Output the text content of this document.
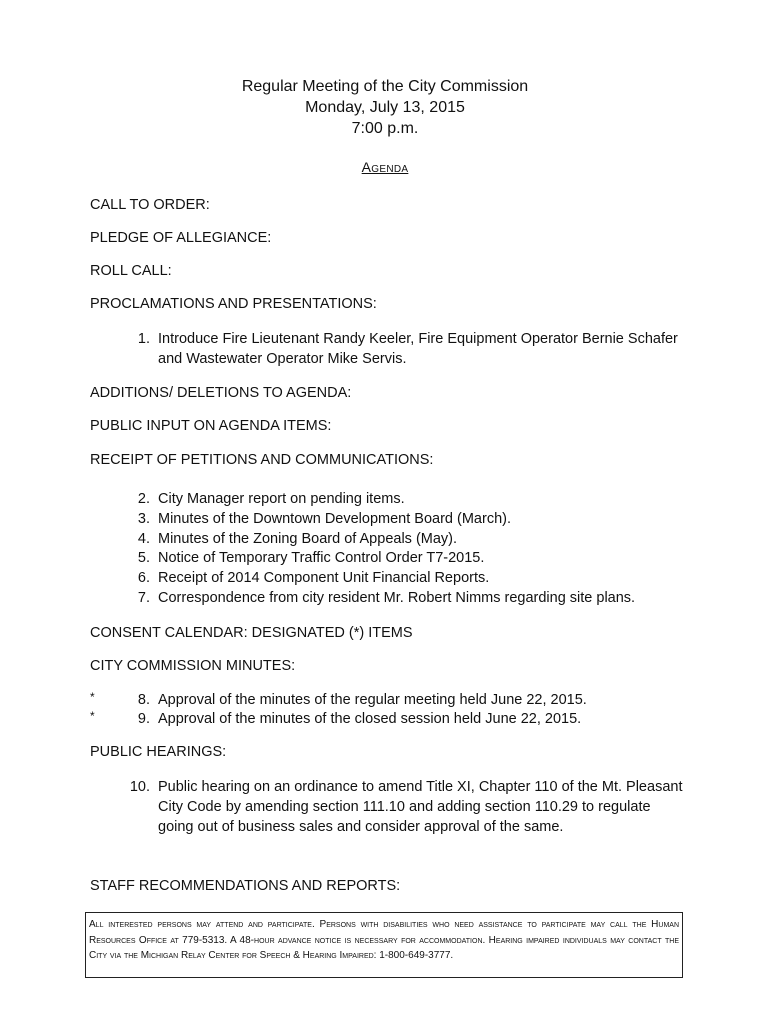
Regular Meeting of the City Commission
Monday, July 13, 2015
7:00 p.m.
Agenda
CALL TO ORDER:
PLEDGE OF ALLEGIANCE:
ROLL CALL:
PROCLAMATIONS AND PRESENTATIONS:
1. Introduce Fire Lieutenant Randy Keeler, Fire Equipment Operator Bernie Schafer and Wastewater Operator Mike Servis.
ADDITIONS/ DELETIONS TO AGENDA:
PUBLIC INPUT ON AGENDA ITEMS:
RECEIPT OF PETITIONS AND COMMUNICATIONS:
2. City Manager report on pending items.
3. Minutes of the Downtown Development Board (March).
4. Minutes of the Zoning Board of Appeals (May).
5. Notice of Temporary Traffic Control Order T7-2015.
6. Receipt of 2014 Component Unit Financial Reports.
7. Correspondence from city resident Mr. Robert Nimms regarding site plans.
CONSENT CALENDAR: DESIGNATED (*) ITEMS
CITY COMMISSION MINUTES:
*	8. Approval of the minutes of the regular meeting held June 22, 2015.
*	9. Approval of the minutes of the closed session held June 22, 2015.
PUBLIC HEARINGS:
10. Public hearing on an ordinance to amend Title XI, Chapter 110 of the Mt. Pleasant City Code by amending section 111.10 and adding section 110.29 to regulate going out of business sales and consider approval of the same.
STAFF RECOMMENDATIONS AND REPORTS:
All interested persons may attend and participate. Persons with disabilities who need assistance to participate may call the Human Resources Office at 779-5313. A 48-hour advance notice is necessary for accommodation. Hearing impaired individuals may contact the City via the Michigan Relay Center for Speech & Hearing Impaired: 1-800-649-3777.
